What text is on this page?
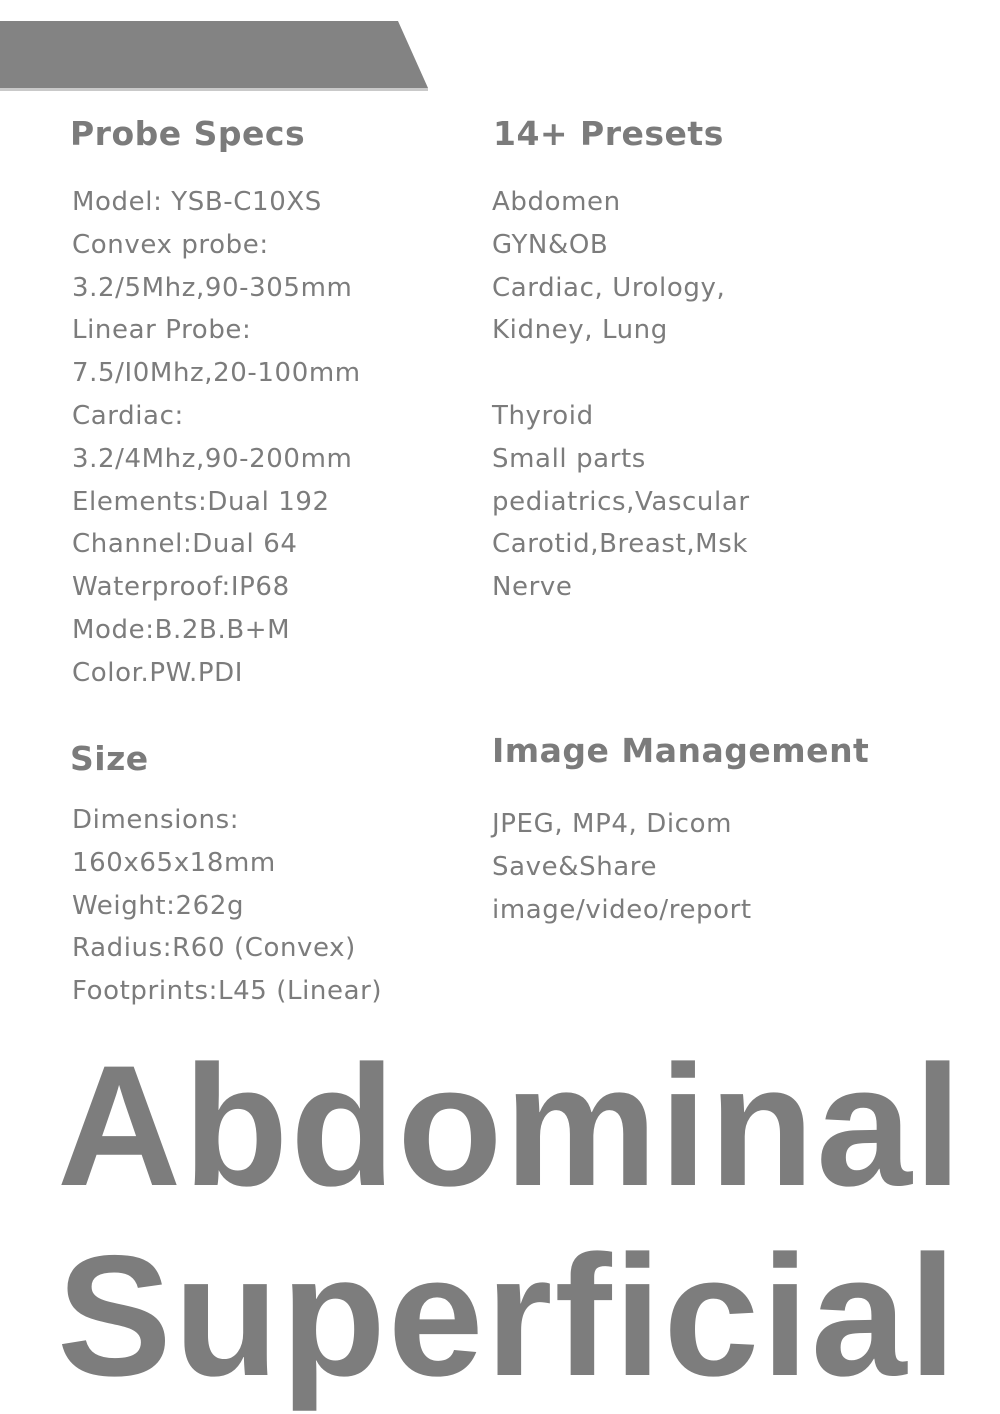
Probe Specs
Model: YSB-C10XS
Convex probe:
3.2/5Mhz,90-305mm
Linear Probe:
7.5/I0Mhz,20-100mm
Cardiac:
3.2/4Mhz,90-200mm
Elements:Dual 192
Channel:Dual 64
Waterproof:IP68
Mode:B.2B.B+M
Color.PW.PDI
14+ Presets
Abdomen
GYN&OB
Cardiac, Urology,
Kidney, Lung
Thyroid
Small parts
pediatrics,Vascular
Carotid,Breast,Msk
Nerve
Size
Dimensions:
160x65x18mm
Weight:262g
Radius:R60 (Convex)
Footprints:L45 (Linear)
Image Management
JPEG, MP4, Dicom
Save&Share
image/video/report
Abdominal
Superficial
